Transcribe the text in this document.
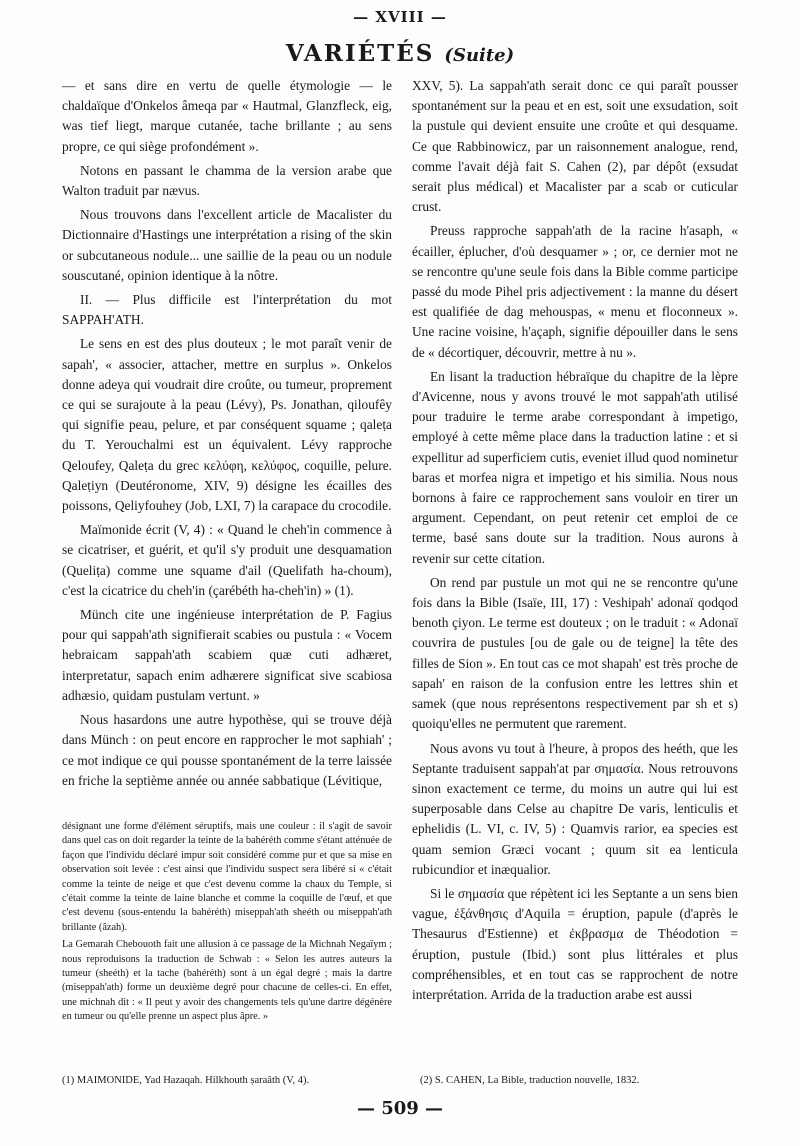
— XVIII —
VARIÉTÉS (Suite)

— et sans dire en vertu de quelle étymologie — le chaldaïque d'Onkelos âmeqa par « Hautmal, Glanzfleck, eig, was tief liegt, marque cutanée, tache brillante ; au sens propre, ce qui siège profondément ».

Notons en passant le chamma de la version arabe que Walton traduit par nævus.

Nous trouvons dans l'excellent article de Macalister du Dictionnaire d'Hastings une interprétation a rising of the skin or subcutaneous nodule... une saillie de la peau ou un nodule souscutané, opinion identique à la nôtre.

II. — Plus difficile est l'interprétation du mot SAPPAH'ATH.

Le sens en est des plus douteux ; le mot paraît venir de sapah', « associer, attacher, mettre en surplus ». Onkelos donne adeya qui voudrait dire croûte, ou tumeur, proprement ce qui se surajoute à la peau (Lévy), Ps. Jonathan, qiloufêy qui signifie peau, pelure, et par conséquent squame ; qaleṭa du T. Yerouchalmi est un équivalent. Lévy rapproche Qeloufey, Qaleṭa du grec κελύφη, κελύφος, coquille, pelure. Qaleṭiyn (Deutéronome, XIV, 9) désigne les écailles des poissons, Qeliyfouhey (Job, LXI, 7) la carapace du crocodile.

Maïmonide écrit (V, 4) : « Quand le cheh'in commence à se cicatriser, et guérit, et qu'il s'y produit une desquamation (Queliṭa) comme une squame d'ail (Quelifath ha-choum), c'est la cicatrice du cheh'in (çarébéth ha-cheh'in) » (1).

Münch cite une ingénieuse interprétation de P. Fagius pour qui sappah'ath signifierait scabies ou pustula : « Vocem hebraicam sappah'ath scabiem quæ cuti adhæret, interpretatur, sapach enim adhærere significat sive scabiosa adhæsio, quidam pustulam vertunt. »

Nous hasardons une autre hypothèse, qui se trouve déjà dans Münch : on peut encore en rapprocher le mot saphiah' ; ce mot indique ce qui pousse spontanément de la terre laissée en friche la septième année ou année sabbatique (Lévitique,

désignant une forme d'élément séruptifs, mais une couleur : il s'agit de savoir dans quel cas on doit regarder la teinte de la bahéréth comme s'étant atténuée de façon que l'individu déclaré impur soit considéré comme pur et que sa mise en observation soit levée : c'est ainsi que l'individu suspect sera libéré si « c'était comme la teinte de neige et que c'est devenu comme la chaux du Temple, si c'était comme la teinte de laine blanche et comme la coquille de l'œuf, et que c'est devenu (sous-entendu la bahéréth) miseppah'ath sheéth ou miseppah'ath brillante (âzah).

La Gemarah Chebouoth fait une allusion à ce passage de la Michnah Negaïym ; nous reproduisons la traduction de Schwab : « Selon les autres auteurs la tumeur (sheéth) et la tache (bahéréth) sont à un égal degré ; mais la dartre (miseppah'ath) forme un deuxième degré pour chacune de celles-ci. En effet, une michnah dit : « Il peut y avoir des changements tels qu'une dartre dégénère en tumeur ou qu'elle prenne un aspect plus âpre. »

XXV, 5). La sappah'ath serait donc ce qui paraît pousser spontanément sur la peau et en est, soit une exsudation, soit la pustule qui devient ensuite une croûte et qui desquame. Ce que Rabbinowicz, par un raisonnement analogue, rend, comme l'avait déjà fait S. Cahen (2), par dépôt (exsudat serait plus médical) et Macalister par a scab or cuticular crust.

Preuss rapproche sappah'ath de la racine h'asaph, « écailler, éplucher, d'où desquamer » ; or, ce dernier mot ne se rencontre qu'une seule fois dans la Bible comme participe passé du mode Pihel pris adjectivement : la manne du désert est qualifiée de dag mehouspas, « menu et floconneux ». Une racine voisine, h'açaph, signifie dépouiller dans le sens de « décortiquer, découvrir, mettre à nu ».

En lisant la traduction hébraïque du chapitre de la lèpre d'Avicenne, nous y avons trouvé le mot sappah'ath utilisé pour traduire le terme arabe correspondant à impetigo, employé à cette même place dans la traduction latine : et si expellitur ad superficiem cutis, eveniet illud quod nominetur baras et morfea nigra et impetigo et his similia. Nous nous bornons à faire ce rapprochement sans vouloir en tirer un argument. Cependant, on peut retenir cet emploi de ce terme, basé sans doute sur la tradition. Nous aurons à revenir sur cette citation.

On rend par pustule un mot qui ne se rencontre qu'une fois dans la Bible (Isaïe, III, 17) : Veshipah' adonaï qodqod benoth çiyon. Le terme est douteux ; on le traduit : « Adonaï couvrira de pustules [ou de gale ou de teigne] la tête des filles de Sion ». En tout cas ce mot shapah' est très proche de sapah' en raison de la confusion entre les lettres shin et samek (que nous représentons respectivement par sh et s) quoiqu'elles ne permutent que rarement.

Nous avons vu tout à l'heure, à propos des heéth, que les Septante traduisent sappah'at par σημασία. Nous retrouvons sinon exactement ce terme, du moins un autre qui lui est superposable dans Celse au chapitre De varis, lenticulis et ephelidis (L. VI, c. IV, 5) : Quamvis rarior, ea species est quam semion Græci vocant ; quum sit ea lenticula rubicundior et inæqualior.

Si le σημασία que répètent ici les Septante a un sens bien vague, ἐξάνθησις d'Aquila = éruption, papule (d'après le Thesaurus d'Estienne) et ἐκβρασμα de Théodotion = éruption, pustule (Ibid.) sont plus littérales et plus compréhensibles, et en tout cas se rapprochent de notre interprétation. Arrida de la traduction arabe est aussi

(1) MAIMONIDE, Yad Hazaqah. Hilkhouth ṣaraâth (V, 4).	(2) S. CAHEN, La Bible, traduction nouvelle, 1832.
— 509 —
